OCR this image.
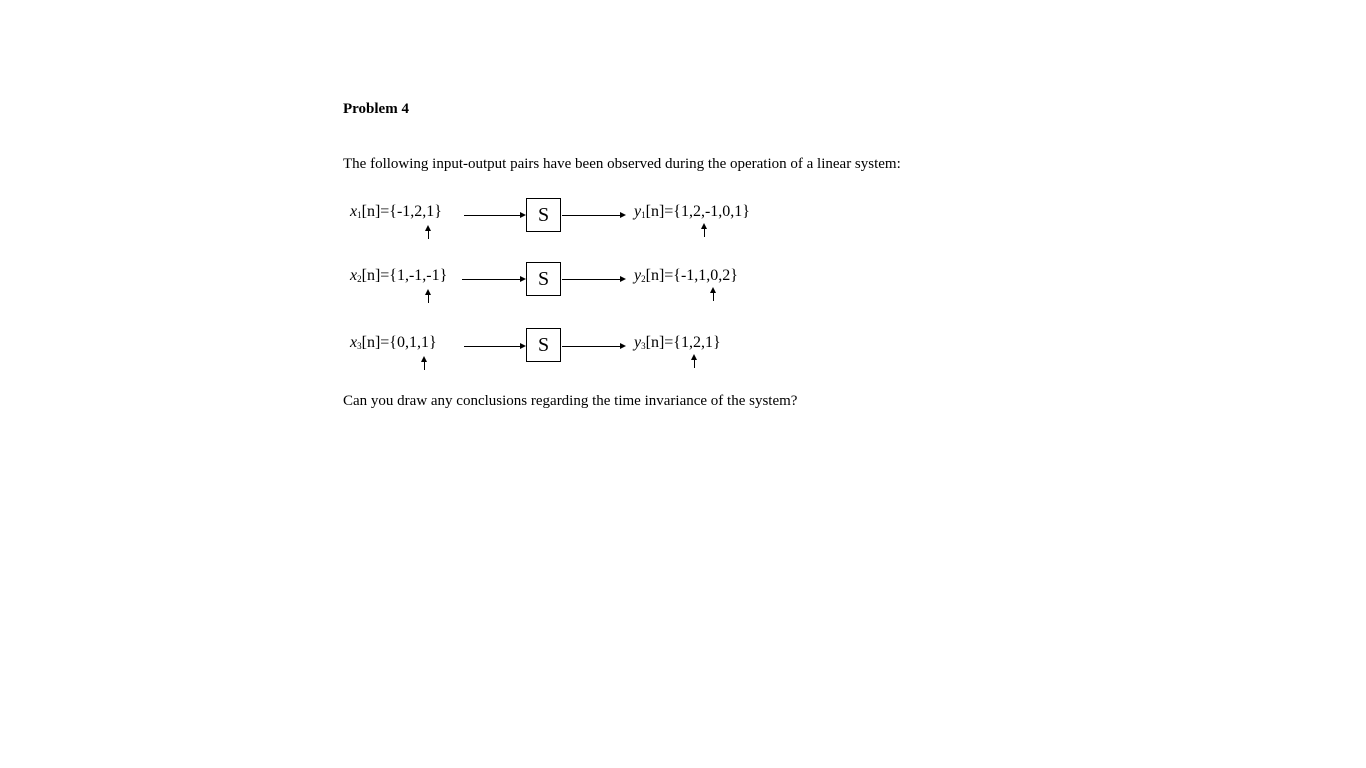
Problem 4
The following input-output pairs have been observed during the operation of a linear system:
$x_1[n]=\{-1,2,1\}$	S	$y_1[n]=\{1,2,-1,0,1\}$
$x_2[n]=\{1,-1,-1\}$	S	$y_2[n]=\{-1,1,0,2\}$
$x_3[n]=\{0,1,1\}$	S	$y_3[n]=\{1,2,1\}$
Can you draw any conclusions regarding the time invariance of the system?
